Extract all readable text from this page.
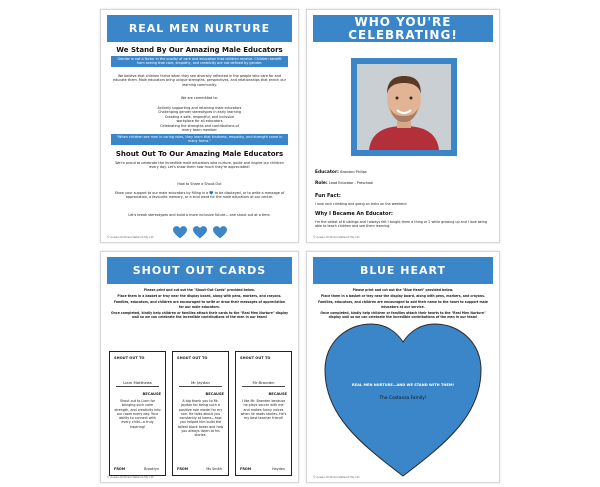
REAL MEN NURTURE
We Stand By Our Amazing Male Educators
Gender is not a factor in the quality of care and education that children receive. Children benefit from seeing that care, empathy, and creativity are not defined by gender.
We believe that children thrive when they see diversity reflected in the people who care for and educate them. Male educators bring unique strengths, perspectives, and relationships that enrich our learning community.
We are committed to:
Actively supporting and retaining male educators
Challenging gender stereotypes in early learning
Creating a safe, respectful, and inclusive
workplace for all educators
Celebrating the strengths and contributions of
every team member
"When children see men in caring roles, they learn that kindness, empathy, and strength come in many forms."
Shout Out To Our Amazing Male Educators
We're proud to celebrate the incredible male educators who nurture, guide and inspire our children every day. Let's show them how much they're appreciated!
How to Share a Shout-Out
Show your support to our male educators by filling in a 💙 to be displayed, or to write a message of appreciation, a favourite memory, or a kind word for the male educators at our centre.
Let's break stereotypes and build a more inclusive future— one shout out at a time.
© Aussie Childcare Network Pty Ltd
WHO YOU'RE CELEBRATING!
Educator: Brandon Philips
Role: Lead Educator - Preschool
Fun Fact:
I love rock climbing and going on treks on the weekend
Why I Became An Educator:
I'm the oldest of 6 siblings and I always felt I taught them a thing or 2 while growing up and I love being able to teach children and see them learning.
© Aussie Childcare Network Pty Ltd
SHOUT OUT CARDS
Please print and cut out the "Shout-Out Cards" provided below.
Place them in a basket or tray near the display board, along with pens, markers, and crayons.
Families, educators, and children are encouraged to write or draw their messages of appreciation for our male educators.
Once completed, kindly help children or families attach their cards to the "Real Men Nurture" display wall so we can celebrate the incredible contributions of the men in our team!
SHOUT OUT TO
Liam Matthews
BECAUSE
Shout out to Liam for bringing such calm strength, and creativity into our room every day. Your ability to connect with every child—a truly inspiring!
FROM	Brooklyn
SHOUT OUT TO
Mr Jaydan
BECAUSE
A big thank you to Mr. Jaydan for being such a positive role model for my son. He talks about you constantly at home—how you helped him build the tallest block tower and how you always listen to his stories.
FROM	Ms Smith
SHOUT OUT TO
Mr Branden
BECAUSE
I like Mr. Branden because he plays soccer with me and makes funny voices when he reads stories. He's my best teacher friend!
FROM	Hayden
© Aussie Childcare Network Pty Ltd
BLUE HEART
Please print and cut out the "Blue Heart" provided below.
Place them in a basket or tray near the display board, along with pens, markers, and crayons.
Families, educators, and children are encouraged to add their name to the heart to support male educators at our service.
Once completed, kindly help children or families attach their hearts to the "Real Men Nurture" display wall so we can celebrate the incredible contributions of the men in our team!
REAL MEN NURTURE—AND WE STAND WITH THEM!
The Costanza Family!
© Aussie Childcare Network Pty Ltd
